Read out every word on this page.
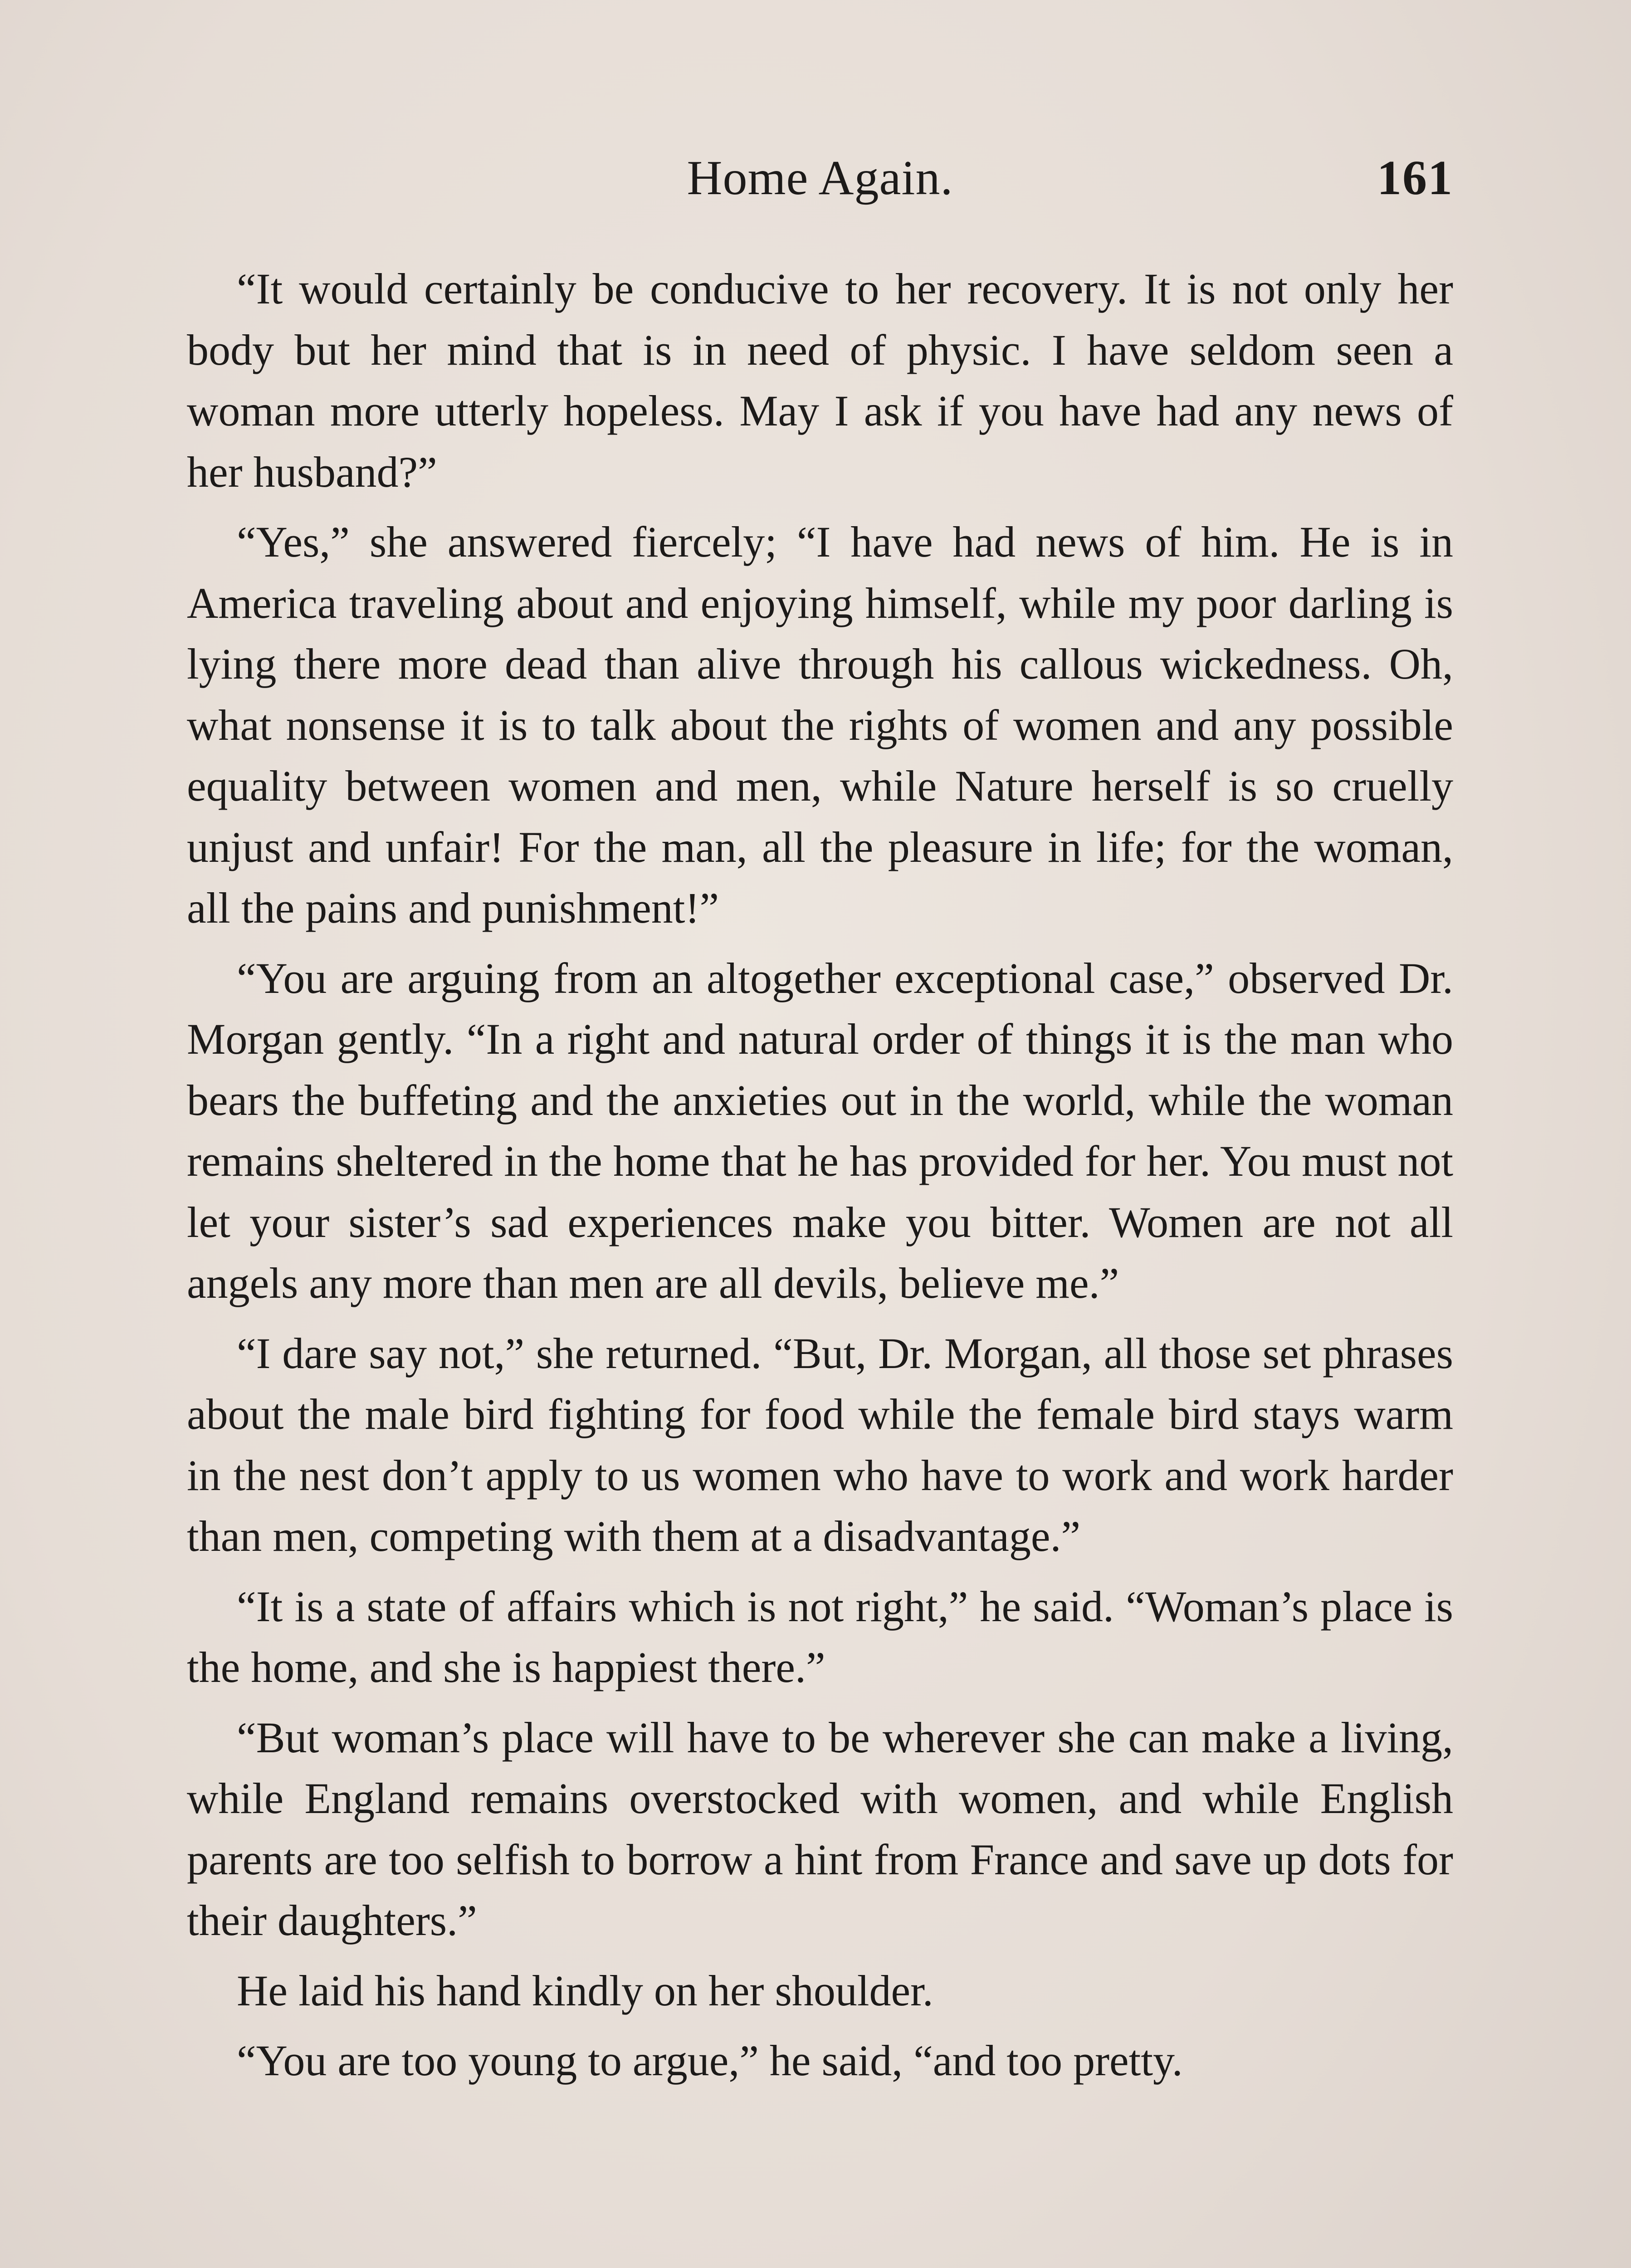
Home Again.	161

“It would certainly be conducive to her recovery. It is not only her body but her mind that is in need of physic. I have seldom seen a woman more utterly hopeless. May I ask if you have had any news of her husband?”

“Yes,” she answered fiercely; “I have had news of him. He is in America traveling about and enjoying himself, while my poor darling is lying there more dead than alive through his callous wickedness. Oh, what nonsense it is to talk about the rights of women and any possible equality between women and men, while Nature herself is so cruelly unjust and unfair! For the man, all the pleasure in life; for the woman, all the pains and punishment!”

“You are arguing from an altogether exceptional case,” observed Dr. Morgan gently. “In a right and natural order of things it is the man who bears the buffeting and the anxieties out in the world, while the woman remains sheltered in the home that he has provided for her. You must not let your sister’s sad experiences make you bitter. Women are not all angels any more than men are all devils, believe me.”

“I dare say not,” she returned. “But, Dr. Morgan, all those set phrases about the male bird fighting for food while the female bird stays warm in the nest don’t apply to us women who have to work and work harder than men, competing with them at a disadvantage.”

“It is a state of affairs which is not right,” he said. “Woman’s place is the home, and she is happiest there.”

“But woman’s place will have to be wherever she can make a living, while England remains overstocked with women, and while English parents are too selfish to borrow a hint from France and save up dots for their daughters.”

He laid his hand kindly on her shoulder.

“You are too young to argue,” he said, “and too pretty.
